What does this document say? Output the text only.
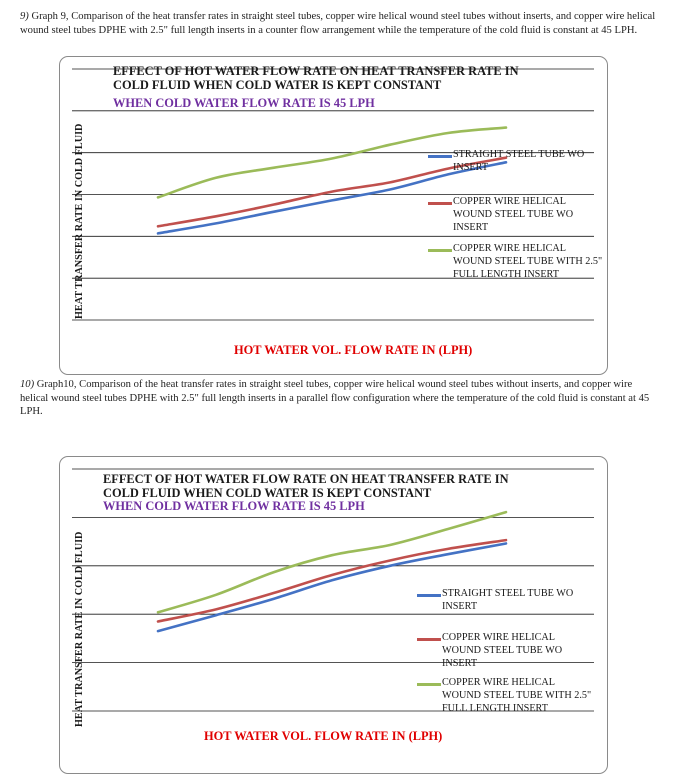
9) Graph 9, Comparison of the heat transfer rates in straight steel tubes, copper wire helical wound steel tubes without inserts, and copper wire helical wound steel tubes DPHE with 2.5" full length inserts in a counter flow arrangement while the temperature of the cold fluid is constant at 45 LPH.
EFFECT OF HOT WATER FLOW RATE ON HEAT TRANSFER RATE IN
COLD FLUID WHEN COLD WATER IS KEPT CONSTANT
WHEN COLD WATER FLOW RATE IS 45 LPH
HOT WATER VOL. FLOW RATE IN (LPH)
HEAT TRANSFER RATE IN COLD FLUID	STRAIGHT STEEL TUBE WO INSERT
COPPER WIRE HELICAL WOUND STEEL TUBE WO INSERT
COPPER WIRE HELICAL WOUND STEEL TUBE WITH 2.5" FULL LENGTH INSERT
10) Graph10, Comparison of the heat transfer rates in straight steel tubes, copper wire helical wound steel tubes without inserts, and copper wire helical wound steel tubes DPHE with 2.5" full length inserts in a parallel flow configuration where the temperature of the cold fluid is constant at 45 LPH.
EFFECT OF HOT WATER FLOW RATE ON HEAT TRANSFER RATE IN
COLD FLUID WHEN COLD WATER IS KEPT CONSTANT
WHEN COLD WATER FLOW RATE IS 45 LPH
HOT WATER VOL. FLOW RATE IN (LPH)
HEAT TRANSFER RATE IN COLD FLUID	STRAIGHT STEEL TUBE WO INSERT
COPPER WIRE HELICAL WOUND STEEL TUBE WO INSERT
COPPER WIRE HELICAL WOUND STEEL TUBE WITH 2.5" FULL LENGTH INSERT
